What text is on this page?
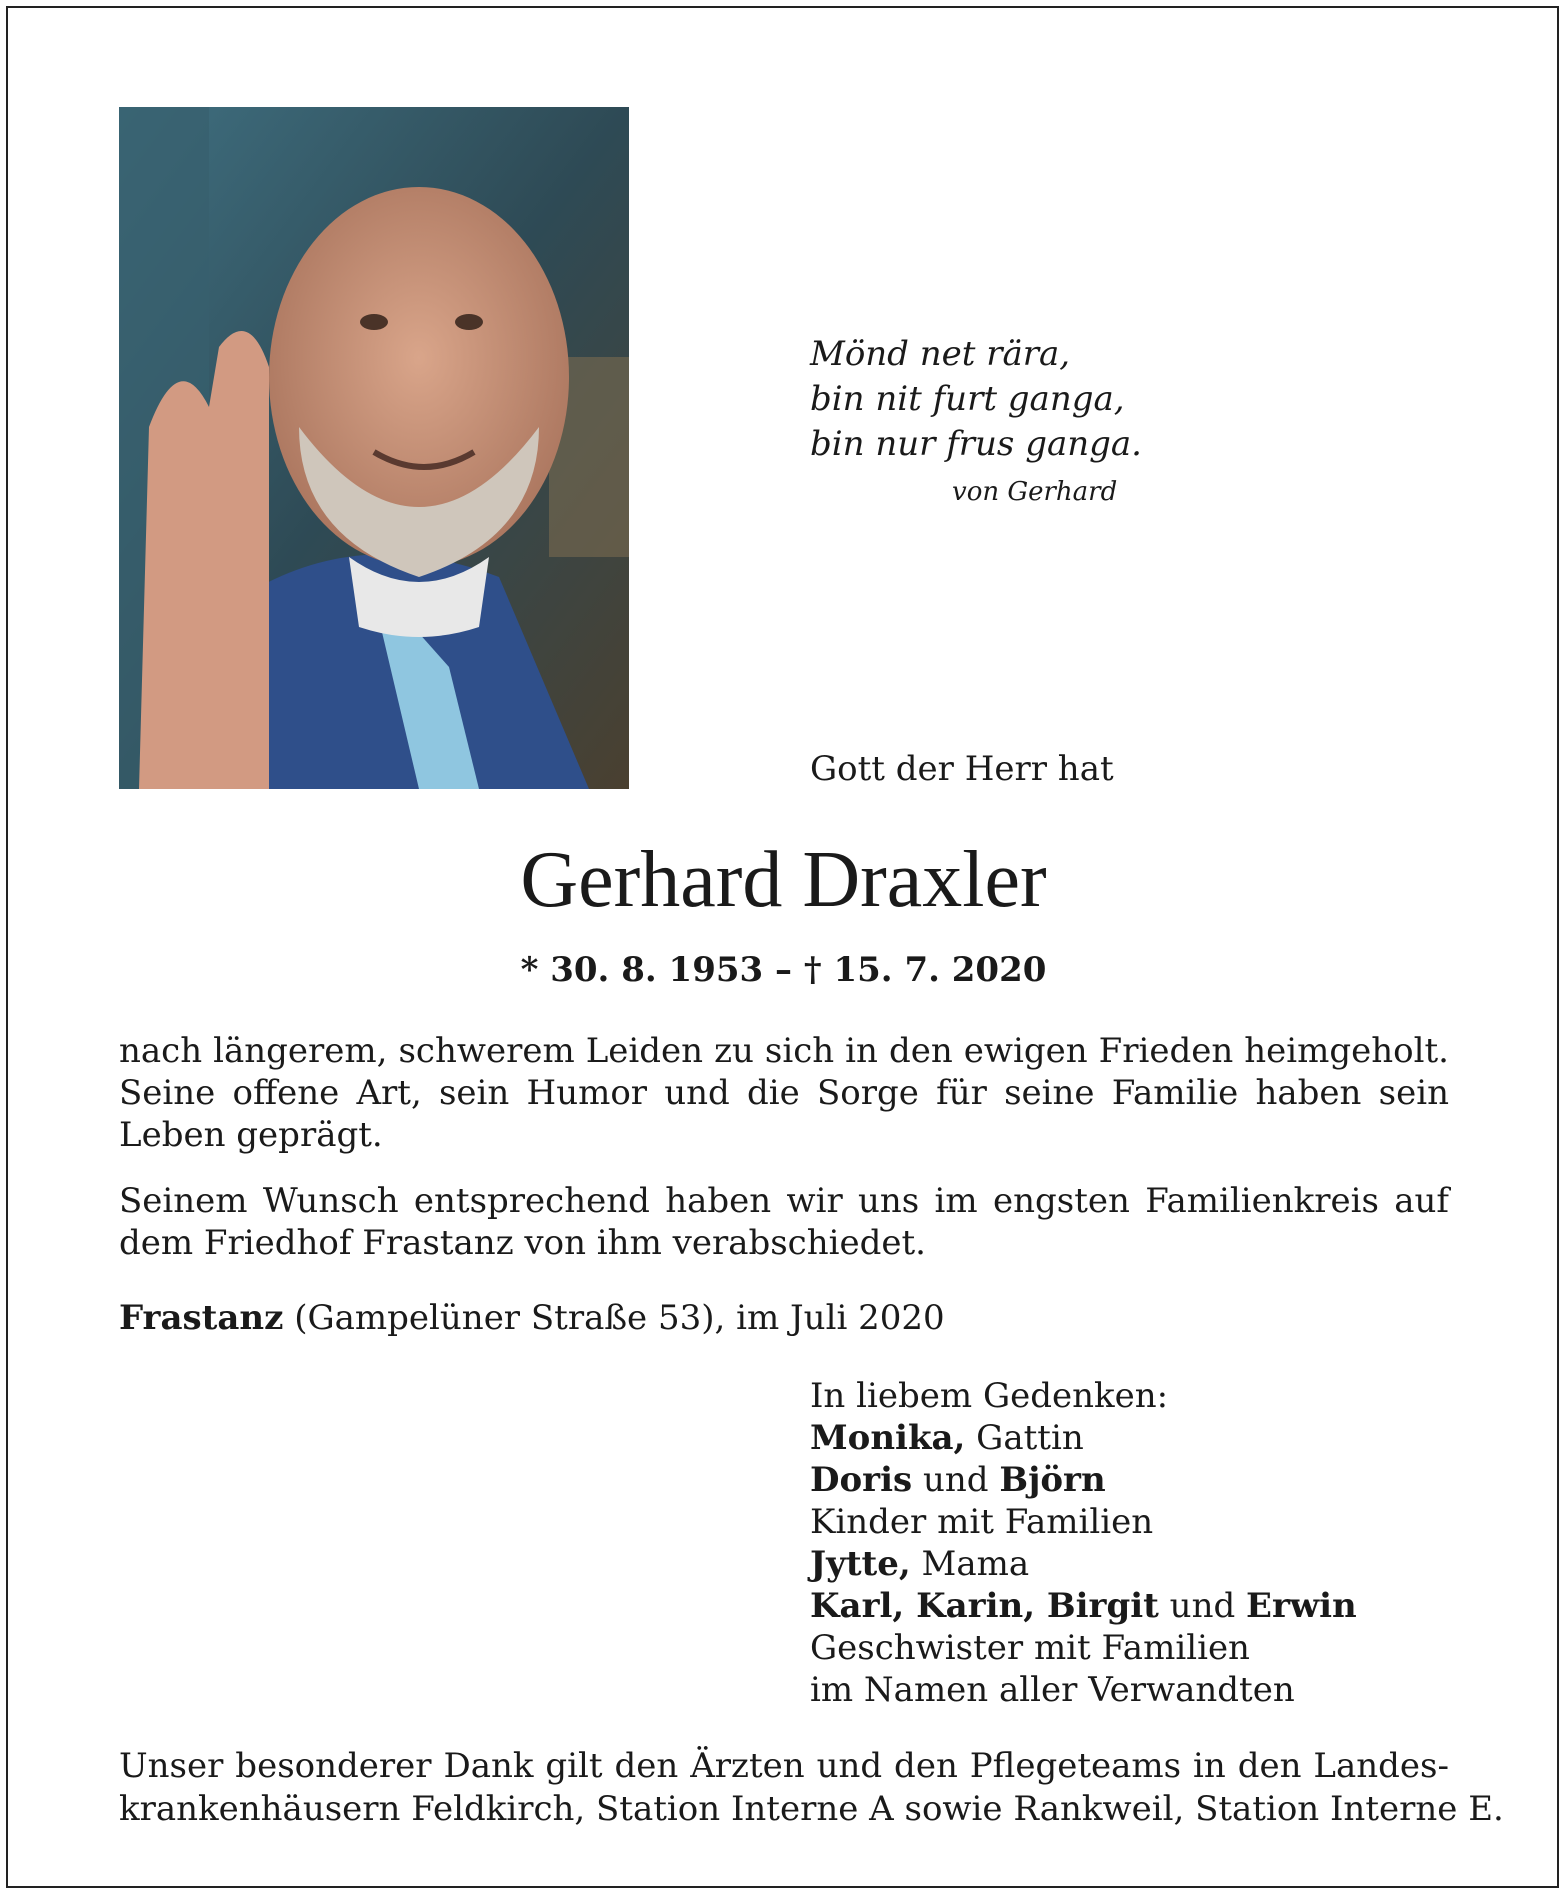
Mönd net rära,
bin nit furt ganga,
bin nur frus ganga.
von Gerhard
Gott der Herr hat
Gerhard Draxler
* 30. 8. 1953 – † 15. 7. 2020
nach längerem, schwerem Leiden zu sich in den ewigen Frieden heimgeholt. Seine offene Art, sein Humor und die Sorge für seine Familie haben sein Leben geprägt.
Seinem Wunsch entsprechend haben wir uns im engsten Familienkreis auf dem Friedhof Frastanz von ihm verabschiedet.
Frastanz (Gampelüner Straße 53), im Juli 2020
In liebem Gedenken:
Monika, Gattin
Doris und Björn
Kinder mit Familien
Jytte, Mama
Karl, Karin, Birgit und Erwin
Geschwister mit Familien
im Namen aller Verwandten
Unser besonderer Dank gilt den Ärzten und den Pflegeteams in den Landes-
krankenhäusern Feldkirch, Station Interne A sowie Rankweil, Station Interne E.
